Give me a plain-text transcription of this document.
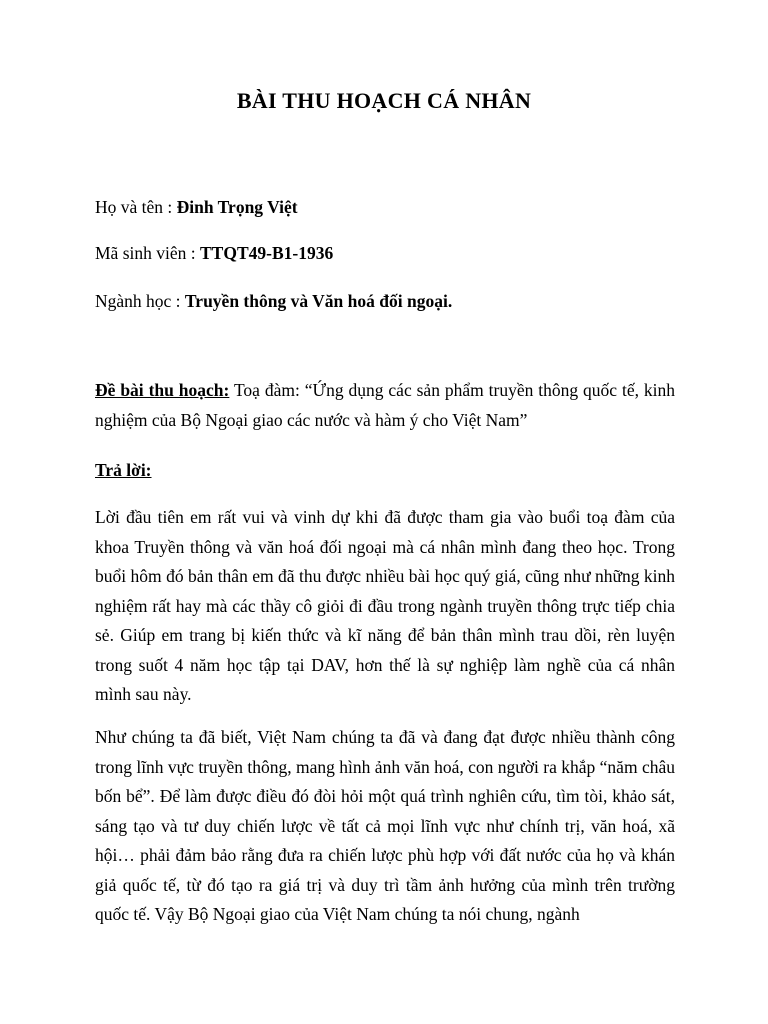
BÀI THU HOẠCH CÁ NHÂN

Họ và tên : Đinh Trọng Việt

Mã sinh viên : TTQT49-B1-1936

Ngành học : Truyền thông và Văn hoá đối ngoại.

Đề bài thu hoạch: Toạ đàm: “Ứng dụng các sản phẩm truyền thông quốc tế, kinh nghiệm của Bộ Ngoại giao các nước và hàm ý cho Việt Nam”

Trả lời:

Lời đầu tiên em rất vui và vinh dự khi đã được tham gia vào buổi toạ đàm của khoa Truyền thông và văn hoá đối ngoại mà cá nhân mình đang theo học. Trong buổi hôm đó bản thân em đã thu được nhiều bài học quý giá, cũng như những kinh nghiệm rất hay mà các thầy cô giỏi đi đầu trong ngành truyền thông trực tiếp chia sẻ. Giúp em trang bị kiến thức và kĩ năng để bản thân mình trau dồi, rèn luyện trong suốt 4 năm học tập tại DAV, hơn thế là sự nghiệp làm nghề của cá nhân mình sau này.

Như chúng ta đã biết, Việt Nam chúng ta đã và đang đạt được nhiều thành công trong lĩnh vực truyền thông, mang hình ảnh văn hoá, con người ra khắp “năm châu bốn bể”. Để làm được điều đó đòi hỏi một quá trình nghiên cứu, tìm tòi, khảo sát, sáng tạo và tư duy chiến lược về tất cả mọi lĩnh vực như chính trị, văn hoá, xã hội… phải đảm bảo rằng đưa ra chiến lược phù hợp với đất nước của họ và khán giả quốc tế, từ đó tạo ra giá trị và duy trì tầm ảnh hưởng của mình trên trường quốc tế. Vậy Bộ Ngoại giao của Việt Nam chúng ta nói chung, ngành
